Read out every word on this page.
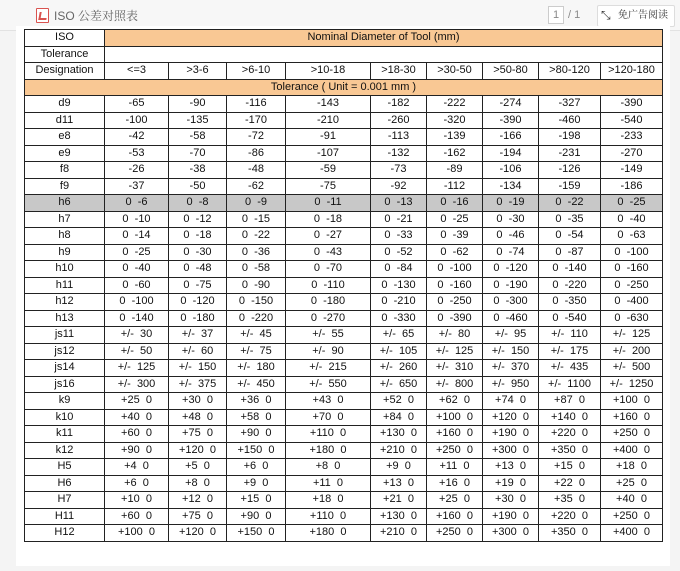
ISO 公差对照表	1 / 1 ⤡	免广告阅读
ISO	Nominal Diameter of Tool (mm)								
Tolerance									
Designation	<=3	>3-6	>6-10	>10-18	>18-30	>30-50	>50-80	>80-120	>120-180
Tolerance ( Unit = 0.001 mm )									
d9	-65	-90	-116	-143	-182	-222	-274	-327	-390
d11	-100	-135	-170	-210	-260	-320	-390	-460	-540
e8	-42	-58	-72	-91	-113	-139	-166	-198	-233
e9	-53	-70	-86	-107	-132	-162	-194	-231	-270
f8	-26	-38	-48	-59	-73	-89	-106	-126	-149
f9	-37	-50	-62	-75	-92	-112	-134	-159	-186
h6	0  -6	0  -8	0  -9	0  -11	0  -13	0  -16	0  -19	0  -22	0  -25
h7	0  -10	0  -12	0  -15	0  -18	0  -21	0  -25	0  -30	0  -35	0  -40
h8	0  -14	0  -18	0  -22	0  -27	0  -33	0  -39	0  -46	0  -54	0  -63
h9	0  -25	0  -30	0  -36	0  -43	0  -52	0  -62	0  -74	0  -87	0  -100
h10	0  -40	0  -48	0  -58	0  -70	0  -84	0  -100	0  -120	0  -140	0  -160
h11	0  -60	0  -75	0  -90	0  -110	0  -130	0  -160	0  -190	0  -220	0  -250
h12	0  -100	0  -120	0  -150	0  -180	0  -210	0  -250	0  -300	0  -350	0  -400
h13	0  -140	0  -180	0  -220	0  -270	0  -330	0  -390	0  -460	0  -540	0  -630
js11	+/-  30	+/-  37	+/-  45	+/-  55	+/-  65	+/-  80	+/-  95	+/-  110	+/-  125
js12	+/-  50	+/-  60	+/-  75	+/-  90	+/-  105	+/-  125	+/-  150	+/-  175	+/-  200
js14	+/-  125	+/-  150	+/-  180	+/-  215	+/-  260	+/-  310	+/-  370	+/-  435	+/-  500
js16	+/-  300	+/-  375	+/-  450	+/-  550	+/-  650	+/-  800	+/-  950	+/-  1100	+/-  1250
k9	+25  0	+30  0	+36  0	+43  0	+52  0	+62  0	+74  0	+87  0	+100  0
k10	+40  0	+48  0	+58  0	+70  0	+84  0	+100  0	+120  0	+140  0	+160  0
k11	+60  0	+75  0	+90  0	+110  0	+130  0	+160  0	+190  0	+220  0	+250  0
k12	+90  0	+120  0	+150  0	+180  0	+210  0	+250  0	+300  0	+350  0	+400  0
H5	+4  0	+5  0	+6  0	+8  0	+9  0	+11  0	+13  0	+15  0	+18  0
H6	+6  0	+8  0	+9  0	+11  0	+13  0	+16  0	+19  0	+22  0	+25  0
H7	+10  0	+12  0	+15  0	+18  0	+21  0	+25  0	+30  0	+35  0	+40  0
H11	+60  0	+75  0	+90  0	+110  0	+130  0	+160  0	+190  0	+220  0	+250  0
H12	+100  0	+120  0	+150  0	+180  0	+210  0	+250  0	+300  0	+350  0	+400  0
